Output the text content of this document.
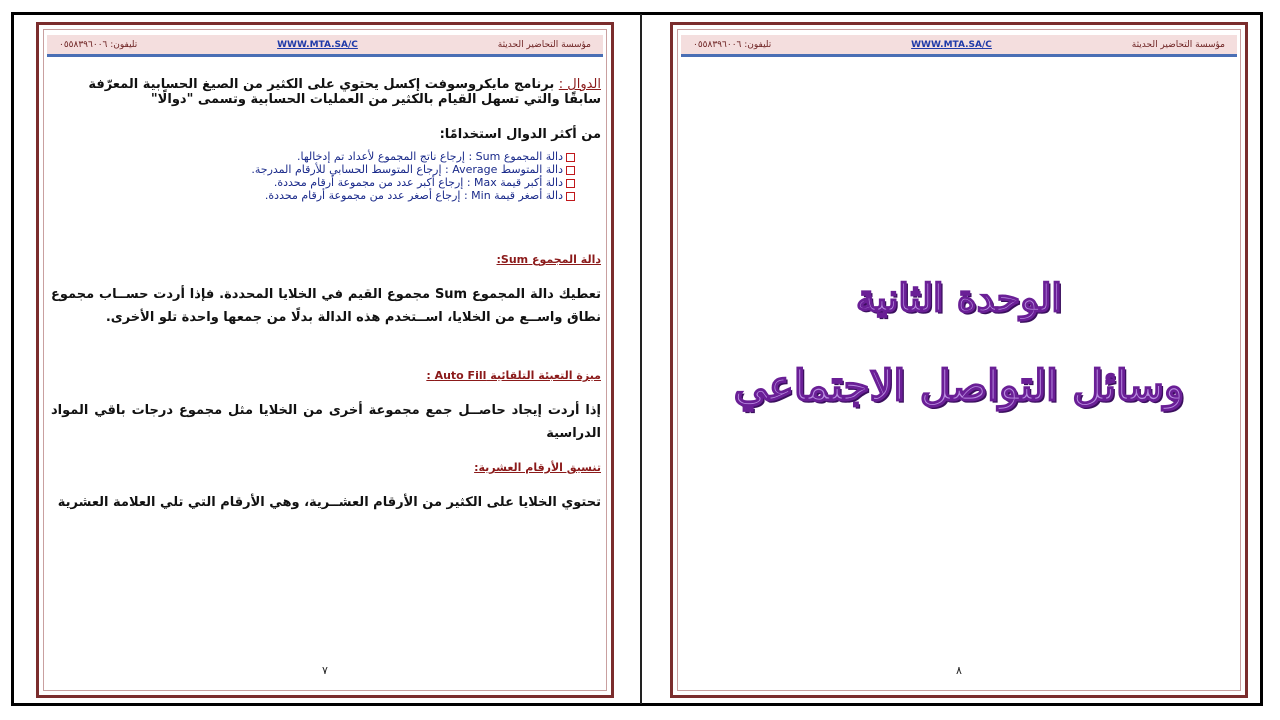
مؤسسة التحاضير الحديثة
WWW.MTA.SA/C
تليفون: ٠٥٥٨٣٩٦٠٠٦

الدوال : برنامج مايكروسوفت إكسل يحتوي على الكثير من الصيغ الحسابية المعرّفة سابقًا والتي تسهل القيام بالكثير من العمليات الحسابية وتسمى "دوالًا"

من أكثر الدوال استخدامًا:

دالة المجموع Sum : إرجاع ناتج المجموع لأعداد تم إدخالها.
دالة المتوسط Average : إرجاع المتوسط الحسابي للأرقام المدرجة.
دالة أكبر قيمة Max : إرجاع أكبر عدد من مجموعة أرقام محددة.
دالة أصغر قيمة Min : إرجاع أصغر عدد من مجموعة أرقام محددة.

دالة المجموع Sum:

تعطيك دالة المجموع Sum مجموع القيم في الخلايا المحددة. فإذا أردت حســاب مجموع نطاق واســع من الخلايا، اســتخدم هذه الدالة بدلًا من جمعها واحدة تلو الأخرى.

ميزة التعبئة التلقائية Auto Fill :

إذا أردت إيجاد حاصــل جمع مجموعة أخرى من الخلايا مثل مجموع درجات باقي المواد الدراسية

تنسيق الأرقام العشرية:

تحتوي الخلايا على الكثير من الأرقام العشــرية، وهي الأرقام التي تلي العلامة العشرية

٧
مؤسسة التحاضير الحديثة
WWW.MTA.SA/C
تليفون: ٠٥٥٨٣٩٦٠٠٦
الوحدة الثانية
وسائل التواصل الاجتماعي
٨
